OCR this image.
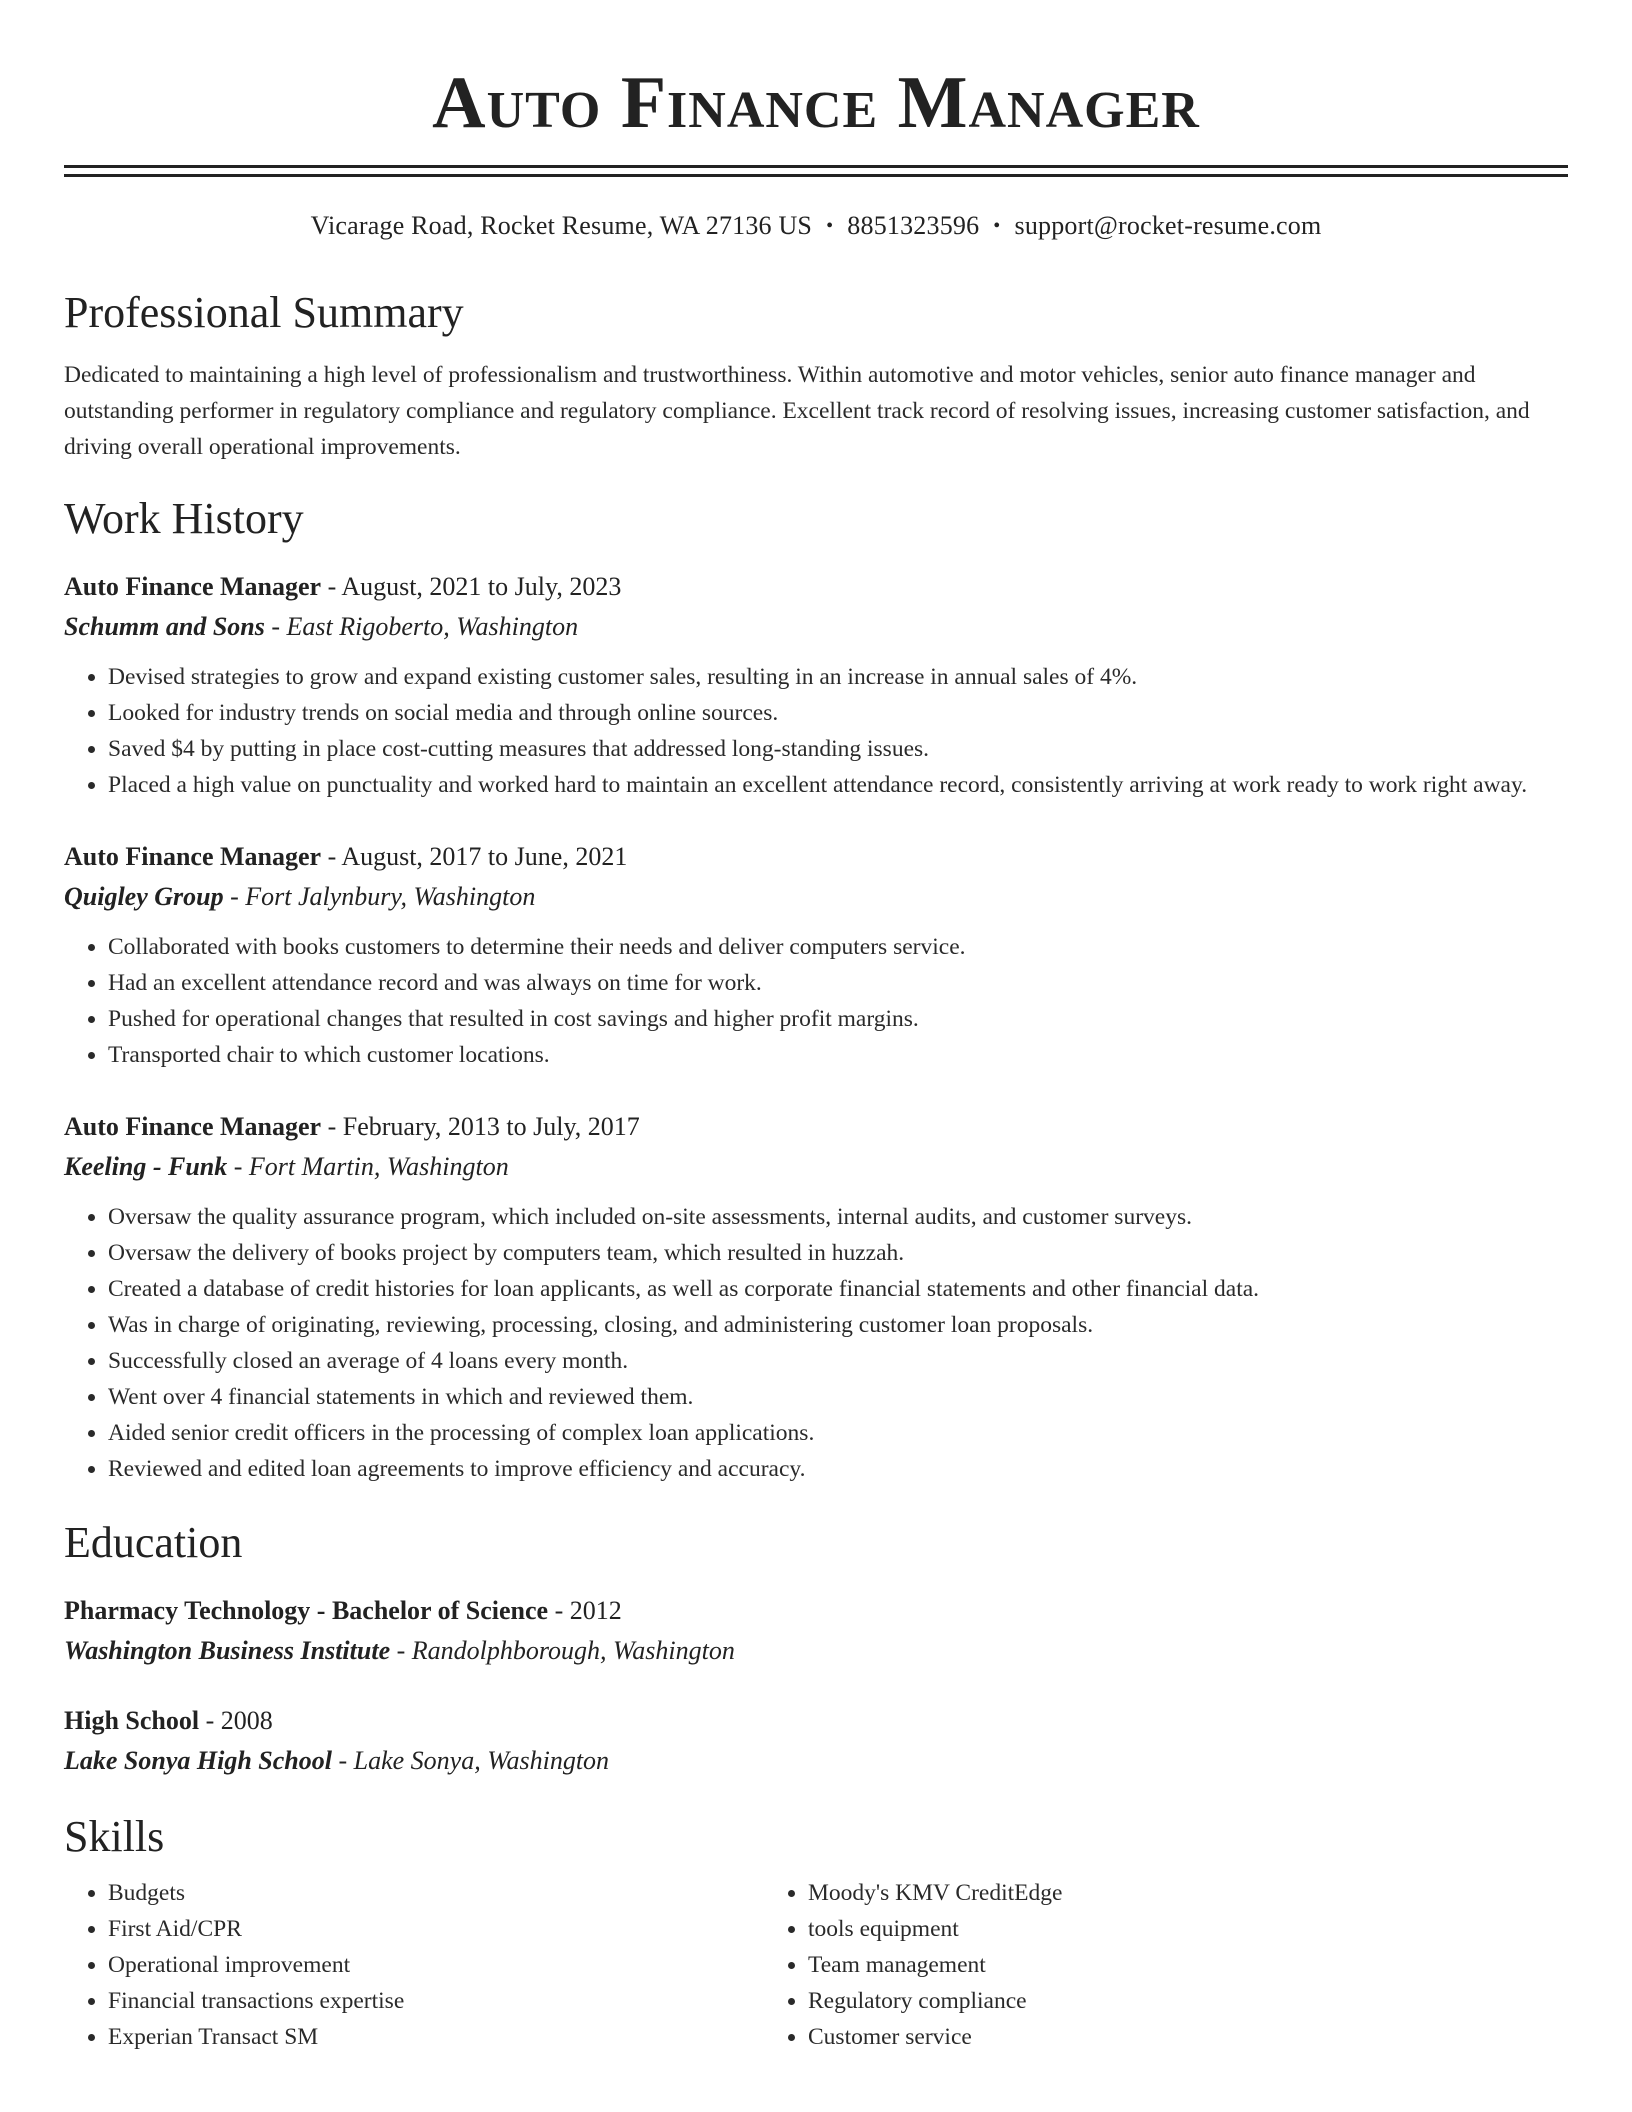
Auto Finance Manager
Vicarage Road, Rocket Resume, WA 27136 US • 8851323596 • support@rocket-resume.com
Professional Summary
Dedicated to maintaining a high level of professionalism and trustworthiness. Within automotive and motor vehicles, senior auto finance manager and outstanding performer in regulatory compliance and regulatory compliance. Excellent track record of resolving issues, increasing customer satisfaction, and driving overall operational improvements.
Work History
Auto Finance Manager - August, 2021 to July, 2023
Schumm and Sons - East Rigoberto, Washington
• Devised strategies to grow and expand existing customer sales, resulting in an increase in annual sales of 4%.
• Looked for industry trends on social media and through online sources.
• Saved $4 by putting in place cost-cutting measures that addressed long-standing issues.
• Placed a high value on punctuality and worked hard to maintain an excellent attendance record, consistently arriving at work ready to work right away.
Auto Finance Manager - August, 2017 to June, 2021
Quigley Group - Fort Jalynbury, Washington
• Collaborated with books customers to determine their needs and deliver computers service.
• Had an excellent attendance record and was always on time for work.
• Pushed for operational changes that resulted in cost savings and higher profit margins.
• Transported chair to which customer locations.
Auto Finance Manager - February, 2013 to July, 2017
Keeling - Funk - Fort Martin, Washington
• Oversaw the quality assurance program, which included on-site assessments, internal audits, and customer surveys.
• Oversaw the delivery of books project by computers team, which resulted in huzzah.
• Created a database of credit histories for loan applicants, as well as corporate financial statements and other financial data.
• Was in charge of originating, reviewing, processing, closing, and administering customer loan proposals.
• Successfully closed an average of 4 loans every month.
• Went over 4 financial statements in which and reviewed them.
• Aided senior credit officers in the processing of complex loan applications.
• Reviewed and edited loan agreements to improve efficiency and accuracy.
Education
Pharmacy Technology - Bachelor of Science - 2012
Washington Business Institute - Randolphborough, Washington
High School - 2008
Lake Sonya High School - Lake Sonya, Washington
Skills
• Budgets
• First Aid/CPR
• Operational improvement
• Financial transactions expertise
• Experian Transact SM
• Moody's KMV CreditEdge
• tools equipment
• Team management
• Regulatory compliance
• Customer service
